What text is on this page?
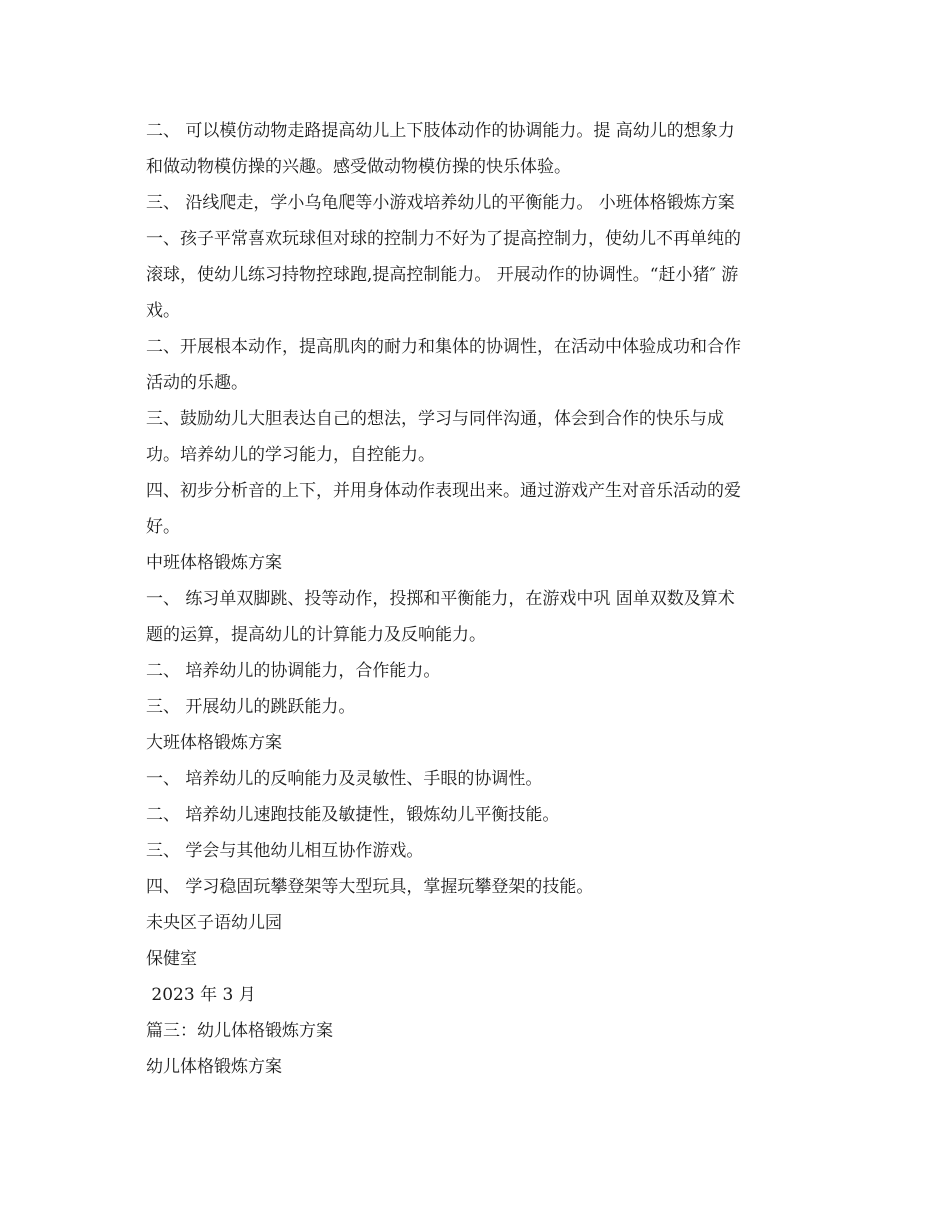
二、 可以模仿动物走路提高幼儿上下肢体动作的协调能力。提 高幼儿的想象力
和做动物模仿操的兴趣。感受做动物模仿操的快乐体验。
三、 沿线爬走，学小乌龟爬等小游戏培养幼儿的平衡能力。 小班体格锻炼方案
一、孩子平常喜欢玩球但对球的控制力不好为了提高控制力，使幼儿不再单纯的
滚球，使幼儿练习持物控球跑,提高控制能力。 开展动作的协调性。“赶小猪″ 游
戏。
二、开展根本动作，提高肌肉的耐力和集体的协调性，在活动中体验成功和合作
活动的乐趣。
三、鼓励幼儿大胆表达自己的想法，学习与同伴沟通，体会到合作的快乐与成
功。培养幼儿的学习能力，自控能力。
四、初步分析音的上下，并用身体动作表现出来。通过游戏产生对音乐活动的爱
好。
中班体格锻炼方案
一、 练习单双脚跳、投等动作，投掷和平衡能力，在游戏中巩 固单双数及算术
题的运算，提高幼儿的计算能力及反响能力。
二、 培养幼儿的协调能力，合作能力。
三、 开展幼儿的跳跃能力。
大班体格锻炼方案
一、 培养幼儿的反响能力及灵敏性、手眼的协调性。
二、 培养幼儿速跑技能及敏捷性，锻炼幼儿平衡技能。
三、 学会与其他幼儿相互协作游戏。
四、 学习稳固玩攀登架等大型玩具，掌握玩攀登架的技能。
未央区子语幼儿园
保健室
2023 年 3 月
篇三：幼儿体格锻炼方案
幼儿体格锻炼方案
